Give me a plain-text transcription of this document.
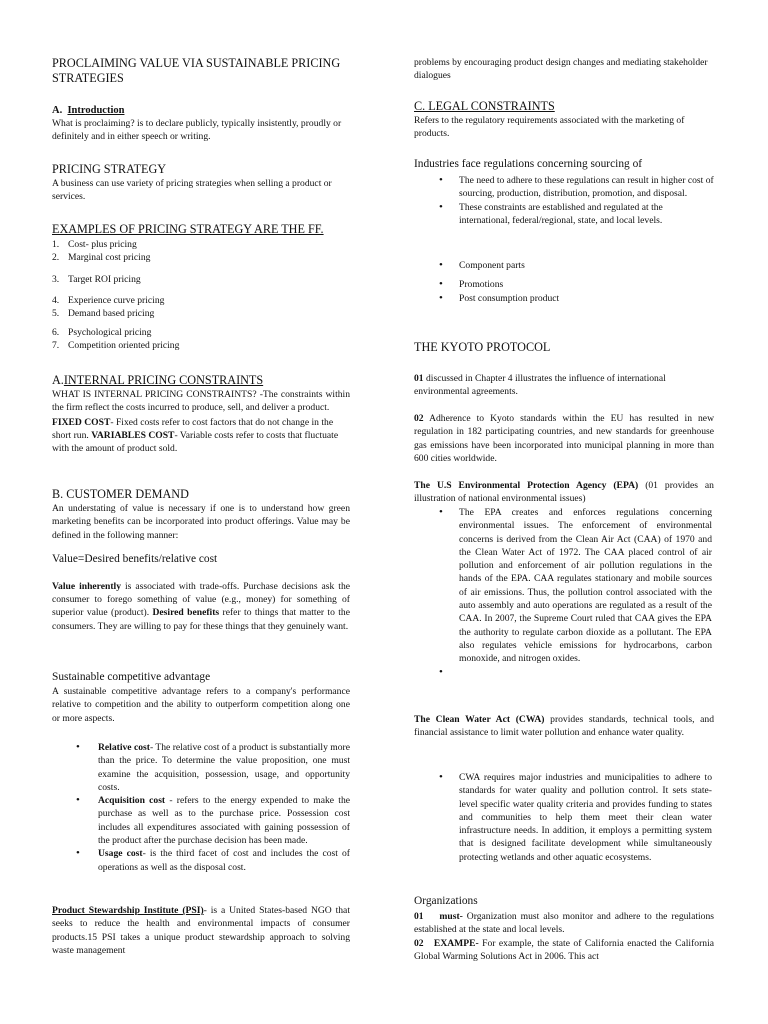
PROCLAIMING VALUE VIA SUSTAINABLE PRICING
STRATEGIES
A. Introduction

What is proclaiming? is to declare publicly, typically insistently, proudly or definitely and in either speech or writing.

PRICING STRATEGY

A business can use variety of pricing strategies when selling a product or services.

EXAMPLES OF PRICING STRATEGY ARE THE FF.
1. Cost- plus pricing
2. Marginal cost pricing
3. Target ROI pricing
4. Experience curve pricing
5. Demand based pricing
6. Psychological pricing
7. Competition oriented pricing
A.INTERNAL PRICING CONSTRAINTS

WHAT IS INTERNAL PRICING CONSTRAINTS? -The constraints within the firm reflect the costs incurred to produce, sell, and deliver a product.

FIXED COST- Fixed costs refer to cost factors that do not change in the short run. VARIABLES COST- Variable costs refer to costs that fluctuate with the amount of product sold.

B. CUSTOMER DEMAND

An understating of value is necessary if one is to understand how green marketing benefits can be incorporated into product offerings. Value may be defined in the following manner:

Value=Desired benefits/relative cost

Value inherently is associated with trade-offs. Purchase decisions ask the consumer to forego something of value (e.g., money) for something of superior value (product). Desired benefits refer to things that matter to the consumers. They are willing to pay for these things that they genuinely want.

Sustainable competitive advantage

A sustainable competitive advantage refers to a company's performance relative to competition and the ability to outperform competition along one or more aspects.

• Relative cost- The relative cost of a product is substantially more than the price. To determine the value proposition, one must examine the acquisition, possession, usage, and opportunity costs.
• Acquisition cost - refers to the energy expended to make the purchase as well as to the purchase price. Possession cost includes all expenditures associated with gaining possession of the product after the purchase decision has been made.
• Usage cost- is the third facet of cost and includes the cost of operations as well as the disposal cost.

Product Stewardship Institute (PSI)- is a United States-based NGO that seeks to reduce the health and environmental impacts of consumer products.15 PSI takes a unique product stewardship approach to solving waste management

problems by encouraging product design changes and mediating stakeholder dialogues

C. LEGAL CONSTRAINTS

Refers to the regulatory requirements associated with the marketing of products.

Industries face regulations concerning sourcing of
• The need to adhere to these regulations can result in higher cost of sourcing, production, distribution, promotion, and disposal.
• These constraints are established and regulated at the international, federal/regional, state, and local levels.
• Component parts
• Promotions
• Post consumption product
THE KYOTO PROTOCOL

01 discussed in Chapter 4 illustrates the influence of international environmental agreements.

02 Adherence to Kyoto standards within the EU has resulted in new regulation in 182 participating countries, and new standards for greenhouse gas emissions have been incorporated into municipal planning in more than 600 cities worldwide.

The U.S Environmental Protection Agency (EPA) (01 provides an illustration of national environmental issues)

• The EPA creates and enforces regulations concerning environmental issues. The enforcement of environmental concerns is derived from the Clean Air Act (CAA) of 1970 and the Clean Water Act of 1972. The CAA placed control of air pollution and enforcement of air pollution regulations in the hands of the EPA. CAA regulates stationary and mobile sources of air emissions. Thus, the pollution control associated with the auto assembly and auto operations are regulated as a result of the CAA. In 2007, the Supreme Court ruled that CAA gives the EPA the authority to regulate carbon dioxide as a pollutant. The EPA also regulates vehicle emissions for hydrocarbons, carbon monoxide, and nitrogen oxides.
•

The Clean Water Act (CWA) provides standards, technical tools, and financial assistance to limit water pollution and enhance water quality.

• CWA requires major industries and municipalities to adhere to standards for water quality and pollution control. It sets state-level specific water quality criteria and provides funding to states and communities to help them meet their clean water infrastructure needs. In addition, it employs a permitting system that is designed facilitate development while simultaneously protecting wetlands and other aquatic ecosystems.
Organizations

01 must- Organization must also monitor and adhere to the regulations established at the state and local levels.

02 EXAMPE- For example, the state of California enacted the California Global Warming Solutions Act in 2006. This act
